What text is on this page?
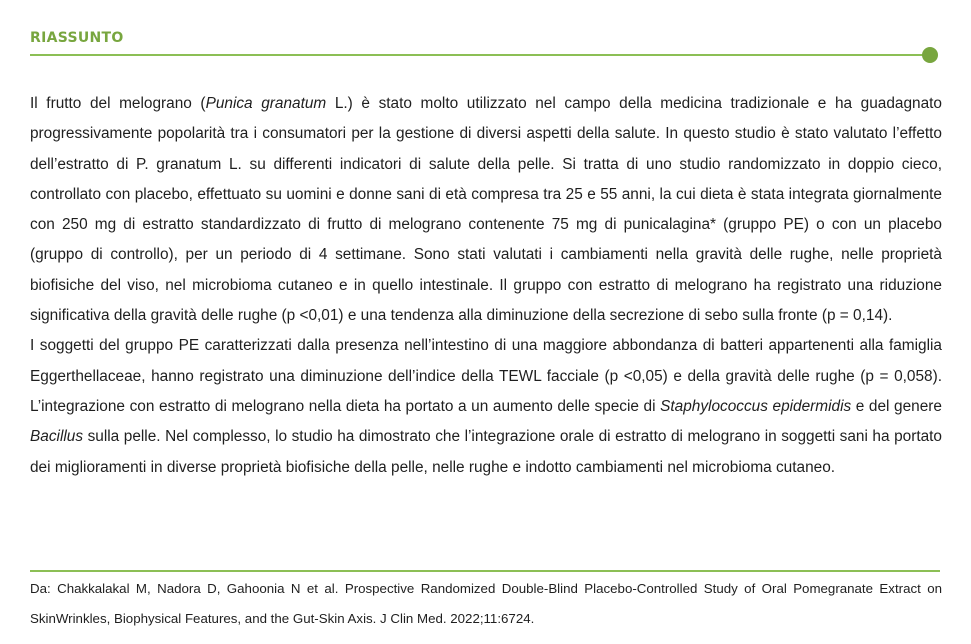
RIASSUNTO

Il frutto del melograno (Punica granatum L.) è stato molto utilizzato nel campo della medicina tradizionale e ha guadagnato progressivamente popolarità tra i consumatori per la gestione di diversi aspetti della salute. In questo studio è stato valutato l’effetto dell’estratto di P. granatum L. su differenti indicatori di salute della pelle. Si tratta di uno studio randomizzato in doppio cieco, controllato con placebo, effettuato su uomini e donne sani di età compresa tra 25 e 55 anni, la cui dieta è stata integrata giornalmente con 250 mg di estratto standardizzato di frutto di melograno contenente 75 mg di punicalagina* (gruppo PE) o con un placebo (gruppo di controllo), per un periodo di 4 settimane. Sono stati valutati i cambiamenti nella gravità delle rughe, nelle proprietà biofisiche del viso, nel microbioma cutaneo e in quello intestinale. Il gruppo con estratto di melograno ha registrato una riduzione significativa della gravità delle rughe (p <0,01) e una tendenza alla diminuzione della secrezione di sebo sulla fronte (p = 0,14).

I soggetti del gruppo PE caratterizzati dalla presenza nell’intestino di una maggiore abbondanza di batteri appartenenti alla famiglia Eggerthellaceae, hanno registrato una diminuzione dell’indice della TEWL facciale (p <0,05) e della gravità delle rughe (p = 0,058). L’integrazione con estratto di melograno nella dieta ha portato a un aumento delle specie di Staphylococcus epidermidis e del genere Bacillus sulla pelle. Nel complesso, lo studio ha dimostrato che l’integrazione orale di estratto di melograno in soggetti sani ha portato dei miglioramenti in diverse proprietà biofisiche della pelle, nelle rughe e indotto cambiamenti nel microbioma cutaneo.

Da: Chakkalakal M, Nadora D, Gahoonia N et al. Prospective Randomized Double-Blind Placebo-Controlled Study of Oral Pomegranate Extract on SkinWrinkles, Biophysical Features, and the Gut-Skin Axis. J Clin Med. 2022;11:6724.
